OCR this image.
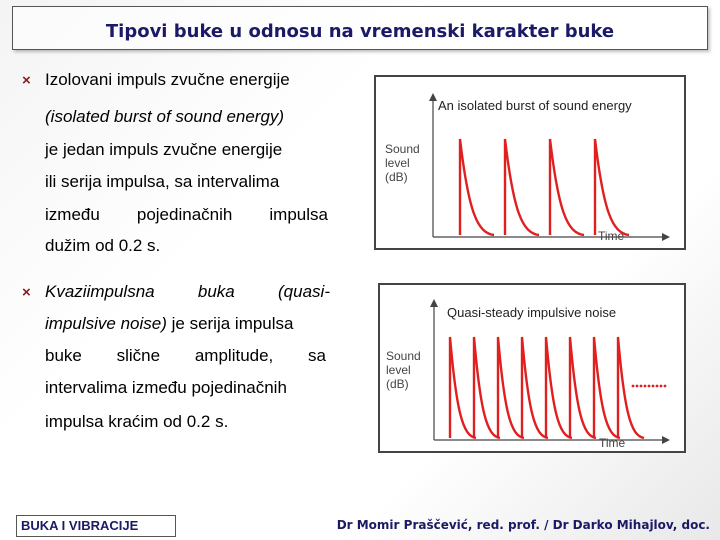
Tipovi buke u odnosu na vremenski karakter buke
× Izolovani impuls zvučne energije
(isolated burst of sound energy)
je jedan impuls zvučne energije
ili serija impulsa, sa intervalima
između pojedinačnih impulsa
dužim od 0.2 s.
× Kvaziimpulsna	buka	(quasi-
impulsive noise) je serija impulsa
buke slične amplitude, sa
intervalima između pojedinačnih
impulsa kraćim od 0.2 s.
An isolated burst of sound energy
Sound
level
(dB)
Time
Quasi-steady impulsive noise
Sound
level
(dB)
Time
BUKA I VIBRACIJE	Dr Momir Praščević, red. prof. / Dr Darko Mihajlov, doc.
